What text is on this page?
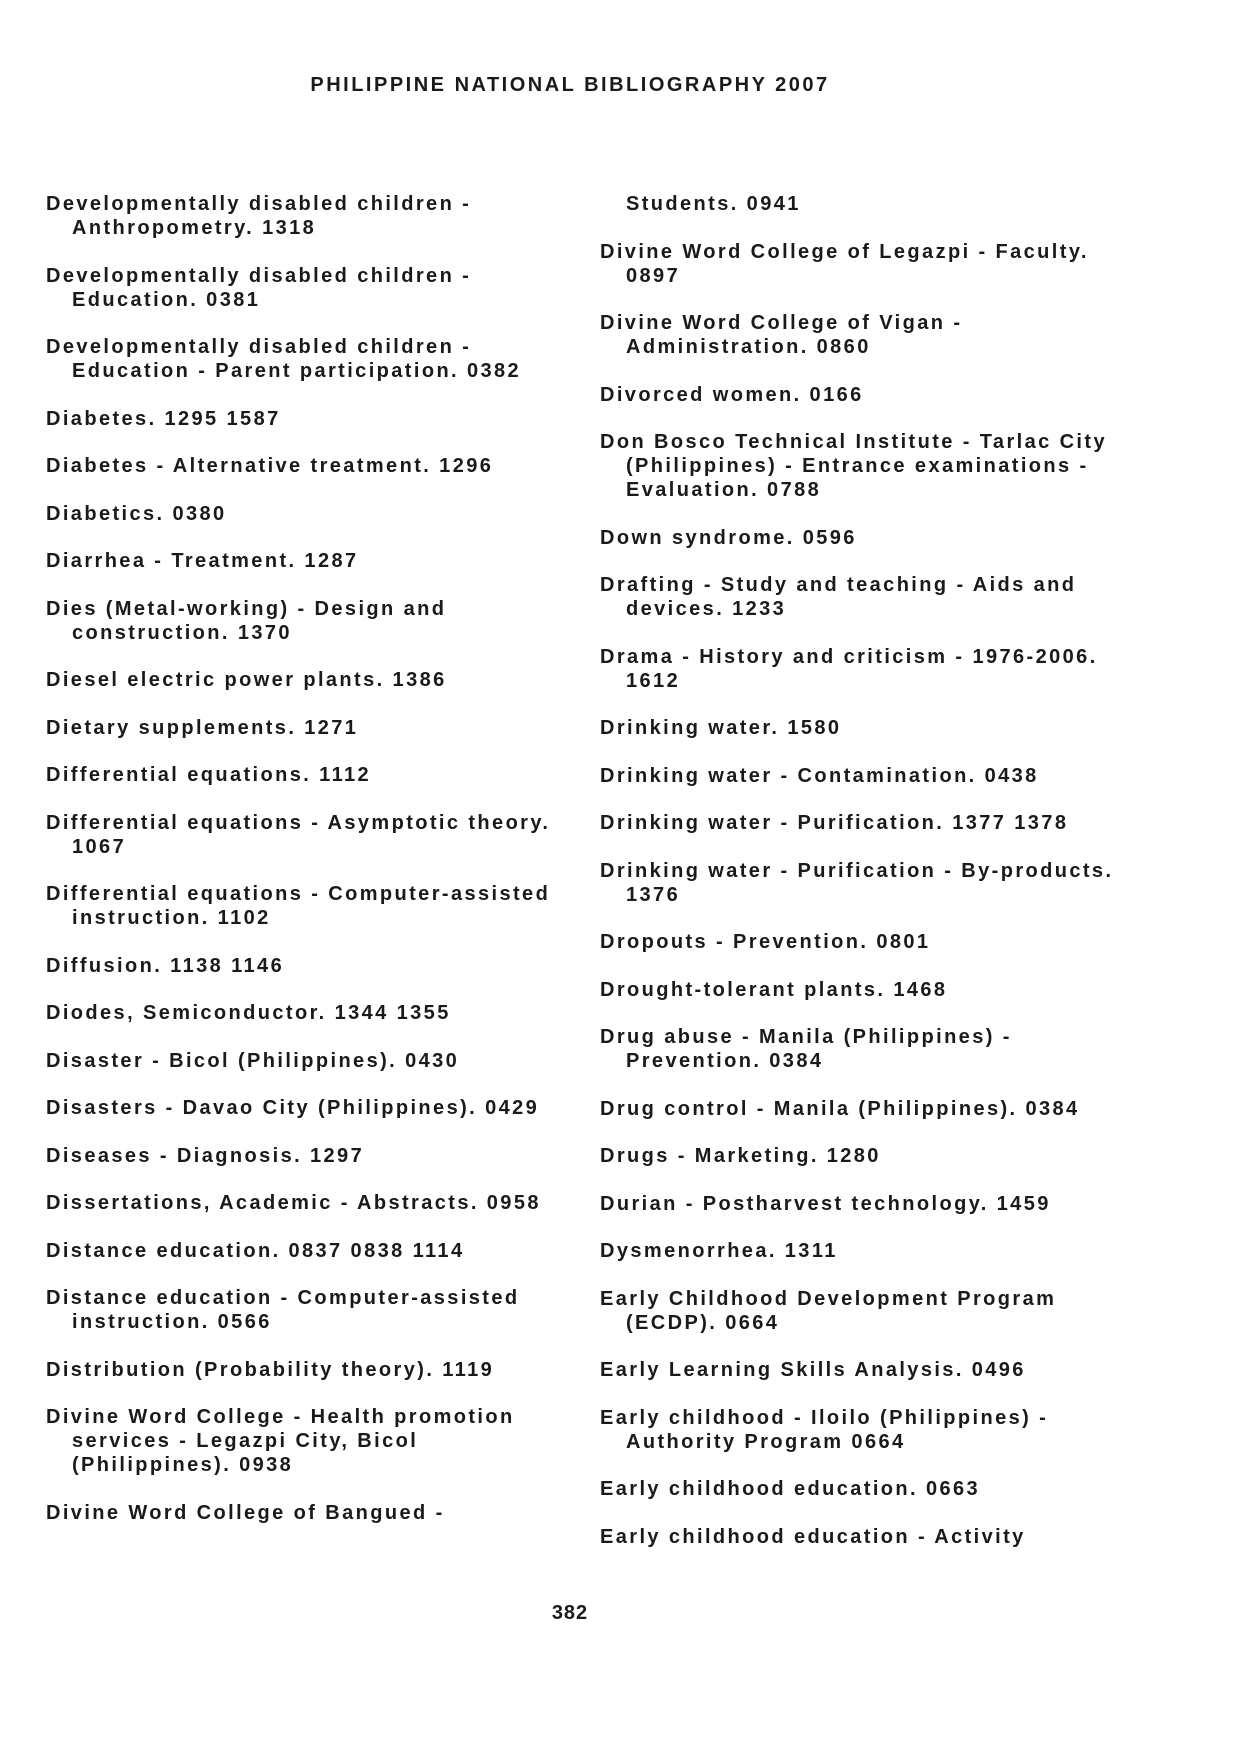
PHILIPPINE NATIONAL BIBLIOGRAPHY 2007
Developmentally disabled children - Anthropometry. 1318
Developmentally disabled children - Education. 0381
Developmentally disabled children - Education - Parent participation. 0382
Diabetes. 1295 1587
Diabetes - Alternative treatment. 1296
Diabetics. 0380
Diarrhea - Treatment. 1287
Dies (Metal-working) - Design and construction. 1370
Diesel electric power plants. 1386
Dietary supplements. 1271
Differential equations. 1112
Differential equations - Asymptotic theory. 1067
Differential equations - Computer-assisted instruction. 1102
Diffusion. 1138 1146
Diodes, Semiconductor. 1344 1355
Disaster - Bicol (Philippines). 0430
Disasters - Davao City (Philippines). 0429
Diseases - Diagnosis. 1297
Dissertations, Academic - Abstracts. 0958
Distance education. 0837 0838 1114
Distance education - Computer-assisted instruction. 0566
Distribution (Probability theory). 1119
Divine Word College - Health promotion services - Legazpi City, Bicol (Philippines). 0938
Divine Word College of Bangued -
Students. 0941
Divine Word College of Legazpi - Faculty. 0897
Divine Word College of Vigan - Administration. 0860
Divorced women. 0166
Don Bosco Technical Institute - Tarlac City (Philippines) - Entrance examinations - Evaluation. 0788
Down syndrome. 0596
Drafting - Study and teaching - Aids and devices. 1233
Drama - History and criticism - 1976-2006. 1612
Drinking water. 1580
Drinking water - Contamination. 0438
Drinking water - Purification. 1377 1378
Drinking water - Purification - By-products. 1376
Dropouts - Prevention. 0801
Drought-tolerant plants. 1468
Drug abuse - Manila (Philippines) - Prevention. 0384
Drug control - Manila (Philippines). 0384
Drugs - Marketing. 1280
Durian - Postharvest technology. 1459
Dysmenorrhea. 1311
Early Childhood Development Program (ECDP). 0664
Early Learning Skills Analysis. 0496
Early childhood - Iloilo (Philippines) - Authority Program 0664
Early childhood education. 0663
Early childhood education - Activity
382
